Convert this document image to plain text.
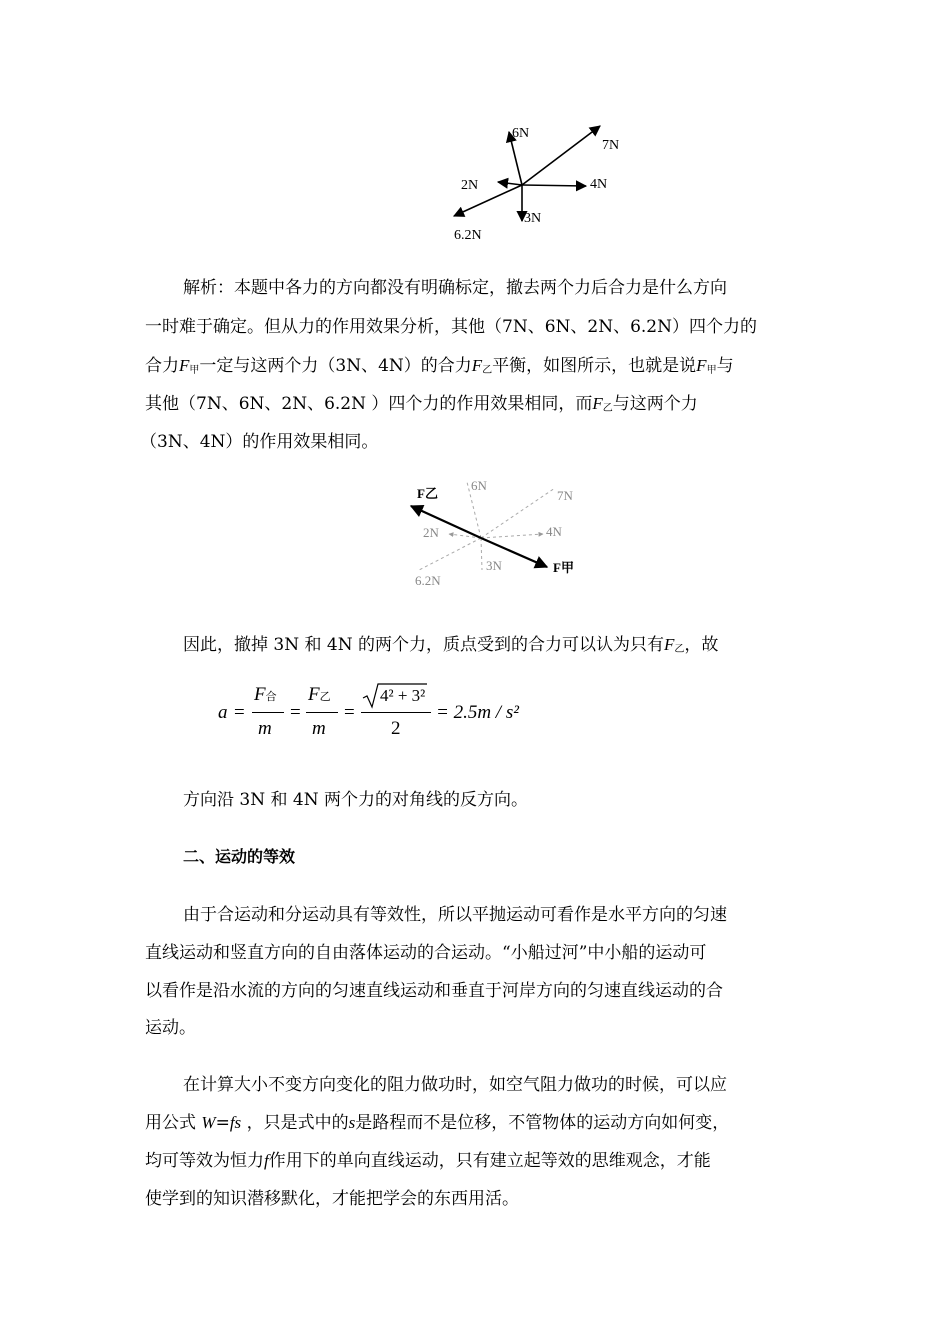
6N
7N
2N	4N
3N
6.2N
解析：本题中各力的方向都没有明确标定，撤去两个力后合力是什么方向
一时难于确定。但从力的作用效果分析，其他（7N、6N、2N、6.2N）四个力的
合力$F_甲$一定与这两个力（3N、4N）的合力$F_乙$平衡，如图所示，也就是说$F_甲$与
其他（7N、6N、2N、6.2N ）四个力的作用效果相同，而$F_乙$与这两个力
（3N、4N）的作用效果相同。
6N
7N
2N	4N
3N
6.2N
F乙
F甲
因此，撤掉 3N 和 4N 的两个力，质点受到的合力可以认为只有$F_乙$，故
a =
F合
m
=
F乙
m
=
4² + 3²
2
= 2.5m / s²
方向沿 3N 和 4N 两个力的对角线的反方向。
二、运动的等效
由于合运动和分运动具有等效性，所以平抛运动可看作是水平方向的匀速
直线运动和竖直方向的自由落体运动的合运动。“小船过河”中小船的运动可
以看作是沿水流的方向的匀速直线运动和垂直于河岸方向的匀速直线运动的合
运动。
在计算大小不变方向变化的阻力做功时，如空气阻力做功的时候，可以应
用公式 W=fs ，只是式中的s是路程而不是位移，不管物体的运动方向如何变，
均可等效为恒力f作用下的单向直线运动，只有建立起等效的思维观念，才能
使学到的知识潜移默化，才能把学会的东西用活。
